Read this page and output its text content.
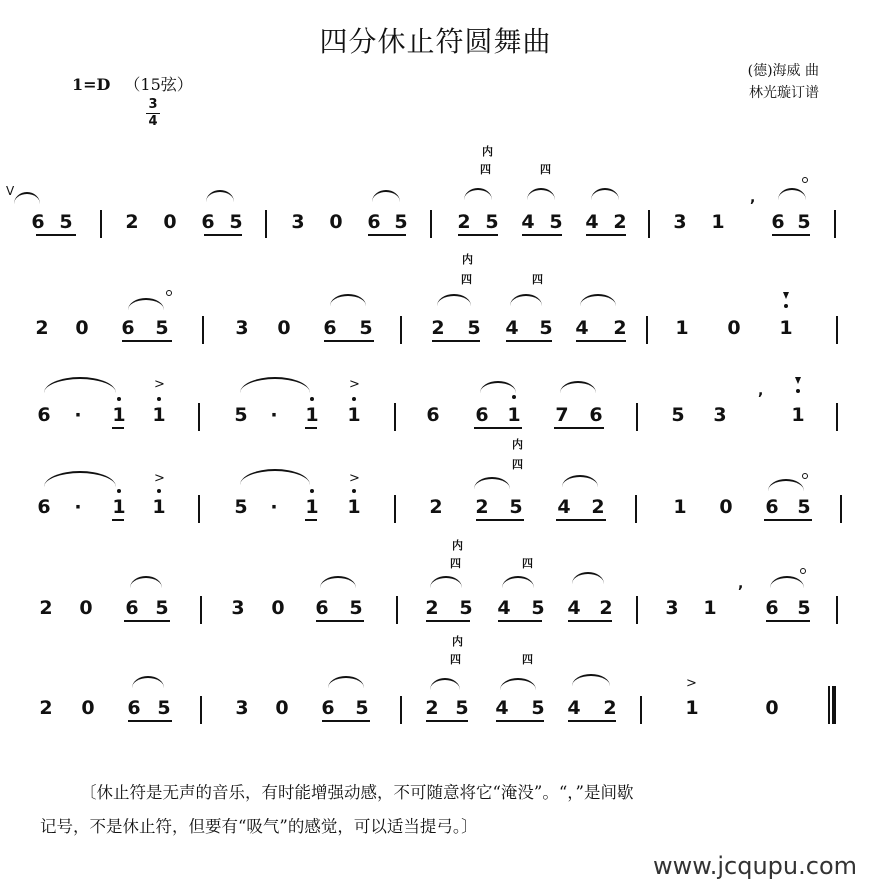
四分休止符圆舞曲
1=D （15弦）
3
4
(德)海威 曲
林光璇订谱
V
6 5	2 0 6 5	3 0 6 5
内
四	四
2 5 4 5 4 2 3 1
,
6 5
2 0 6 5	3 0 6 5
内
四	四
2 5 4 5 4 2	1 0 1
6 · 1
>
1	5 · 1
>
1	6 6 1 7 6	5 3
,
1
6 · 1
>
1	5 · 1
>
1	2
内
四
2 5 4 2	1 0 6 5
2 0 6 5	3 0 6 5
内
四	四
2 5 4 5 4 2	3 1
,
6 5
2 0 6 5	3 0 6 5
内
四	四
2 5 4 5 4 2
>
1	0

〔休止符是无声的音乐，有时能增强动感，不可随意将它“淹没”。“，”是间歇

记号，不是休止符，但要有“吸气”的感觉，可以适当提弓。〕

www.jcqupu.com
